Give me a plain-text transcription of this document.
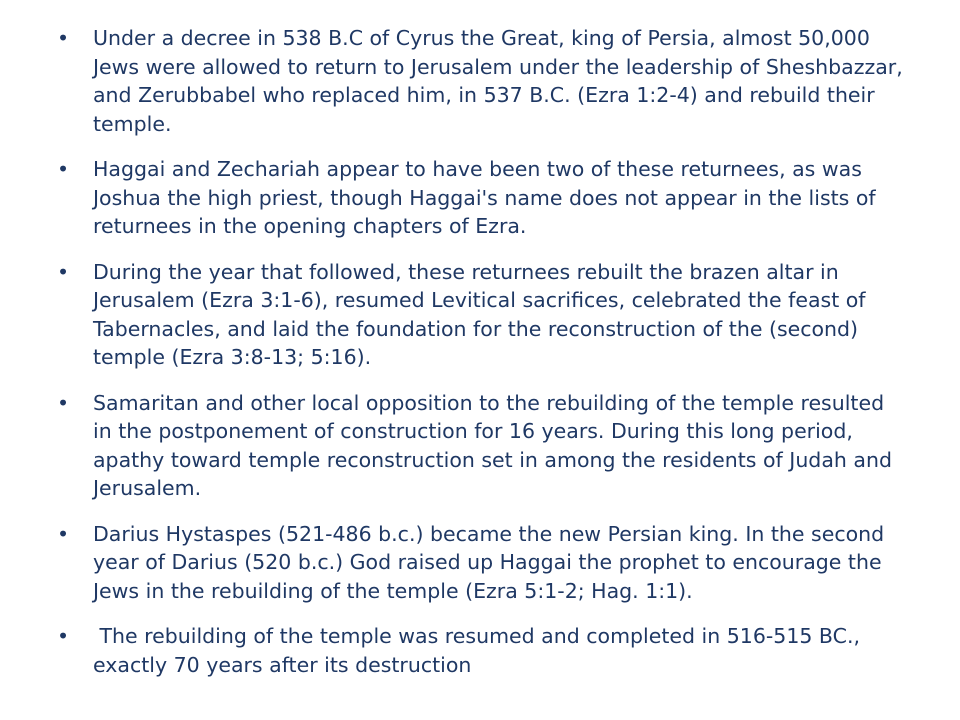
•	Under a decree in 538 B.C of Cyrus the Great, king of Persia, almost 50,000 Jews were allowed to return to Jerusalem under the leadership of Sheshbazzar, and Zerubbabel who replaced him, in 537 B.C. (Ezra 1:2-4) and rebuild their temple.
•	Haggai and Zechariah appear to have been two of these returnees, as was Joshua the high priest, though Haggai's name does not appear in the lists of returnees in the opening chapters of Ezra.
•	During the year that followed, these returnees rebuilt the brazen altar in Jerusalem (Ezra 3:1-6), resumed Levitical sacrifices, celebrated the feast of Tabernacles, and laid the foundation for the reconstruction of the (second) temple (Ezra 3:8-13; 5:16).
•	Samaritan and other local opposition to the rebuilding of the temple resulted in the postponement of construction for 16 years. During this long period, apathy toward temple reconstruction set in among the residents of Judah and Jerusalem.
•	Darius Hystaspes (521-486 b.c.) became the new Persian king. In the second year of Darius (520 b.c.) God raised up Haggai the prophet to encourage the Jews in the rebuilding of the temple (Ezra 5:1-2; Hag. 1:1).
•	The rebuilding of the temple was resumed and completed in 516-515 BC., exactly 70 years after its destruction
